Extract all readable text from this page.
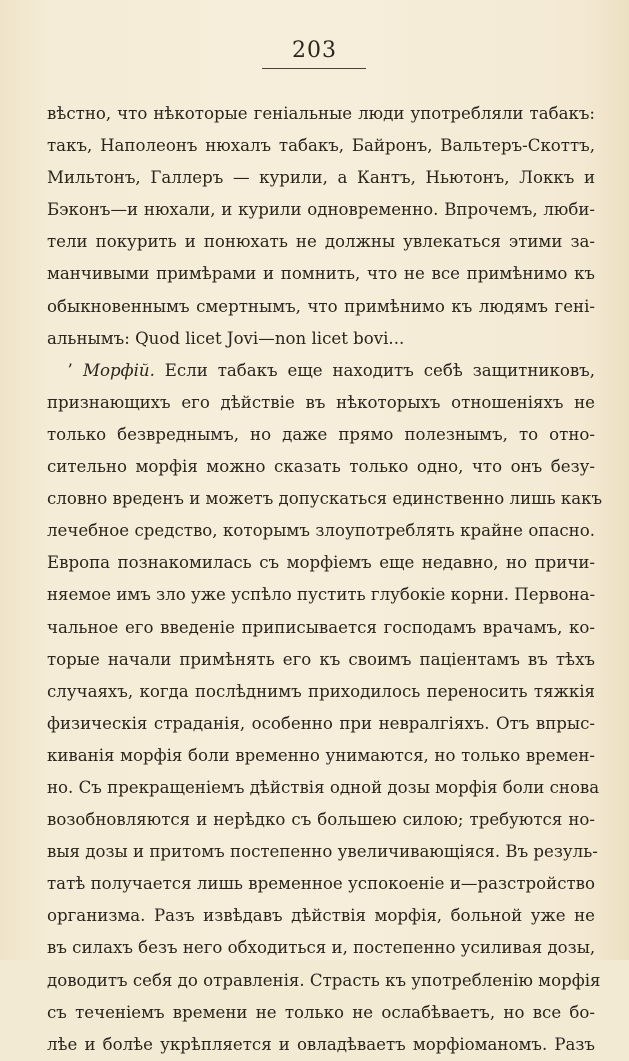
203
вѣстно, что нѣкоторые геніальные люди употребляли табакъ:
такъ, Наполеонъ нюхалъ табакъ, Байронъ, Вальтеръ-Скоттъ,
Мильтонъ, Галлеръ — курили, а Кантъ, Ньютонъ, Локкъ и
Бэконъ—и нюхали, и курили одновременно. Впрочемъ, люби-
тели покурить и понюхать не должны увлекаться этими за-
манчивыми примѣрами и помнить, что не все примѣнимо къ
обыкновеннымъ смертнымъ, что примѣнимо къ людямъ гені-
альнымъ: Quod licet Jovi—non licet bovi...
ʼ Морфій. Если табакъ еще находитъ себѣ защитниковъ,
признающихъ его дѣйствіе въ нѣкоторыхъ отношеніяхъ не
только безвреднымъ, но даже прямо полезнымъ, то отно-
сительно морфія можно сказать только одно, что онъ безу-
словно вреденъ и можетъ допускаться единственно лишь какъ
лечебное средство, которымъ злоупотреблять крайне опасно.
Европа познакомилась съ морфіемъ еще недавно, но причи-
няемое имъ зло уже успѣло пустить глубокіе корни. Первона-
чальное его введеніе приписывается господамъ врачамъ, ко-
торые начали примѣнять его къ своимъ паціентамъ въ тѣхъ
случаяхъ, когда послѣднимъ приходилось переносить тяжкія
физическія страданія, особенно при невралгіяхъ. Отъ впрыс-
киванія морфія боли временно унимаются, но только времен-
но. Съ прекращеніемъ дѣйствія одной дозы морфія боли снова
возобновляются и нерѣдко съ большею силою; требуются но-
выя дозы и притомъ постепенно увеличивающіяся. Въ резуль-
татѣ получается лишь временное успокоеніе и—разстройство
организма. Разъ извѣдавъ дѣйствія морфія, больной уже не
въ силахъ безъ него обходиться и, постепенно усиливая дозы,
доводитъ себя до отравленія. Страсть къ употребленію морфія
съ теченіемъ времени не только не ослабѣваетъ, но все бо-
лѣе и болѣе укрѣпляется и овладѣваетъ морфіоманомъ. Разъ
